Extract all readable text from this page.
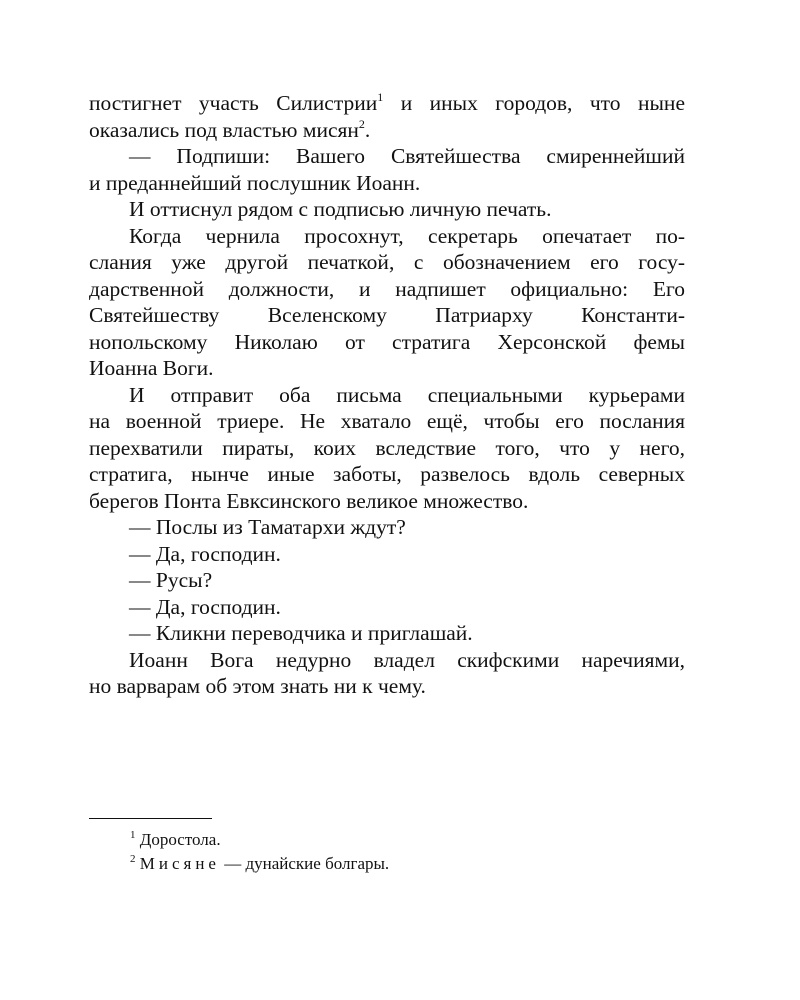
постигнет участь Силистрии$^1$ и иных городов, что ныне
оказались под властью мисян$^2$.
— Подпиши: Вашего Святейшества смиреннейший
и преданнейший послушник Иоанн.
И оттиснул рядом с подписью личную печать.
Когда чернила просохнут, секретарь опечатает по-
слания уже другой печаткой, с обозначением его госу-
дарственной должности, и надпишет официально: Его
Святейшеству Вселенскому Патриарху Константи-
нопольскому Николаю от стратига Херсонской фемы
Иоанна Воги.
И отправит оба письма специальными курьерами
на военной триере. Не хватало ещё, чтобы его послания
перехватили пираты, коих вследствие того, что у него,
стратига, нынче иные заботы, развелось вдоль северных
берегов Понта Евксинского великое множество.
— Послы из Таматархи ждут?
— Да, господин.
— Русы?
— Да, господин.
— Кликни переводчика и приглашай.
Иоанн Вога недурно владел скифскими наречиями,
но варварам об этом знать ни к чему.
$^1$ Доростола.
$^2$ Мисяне — дунайские болгары.
